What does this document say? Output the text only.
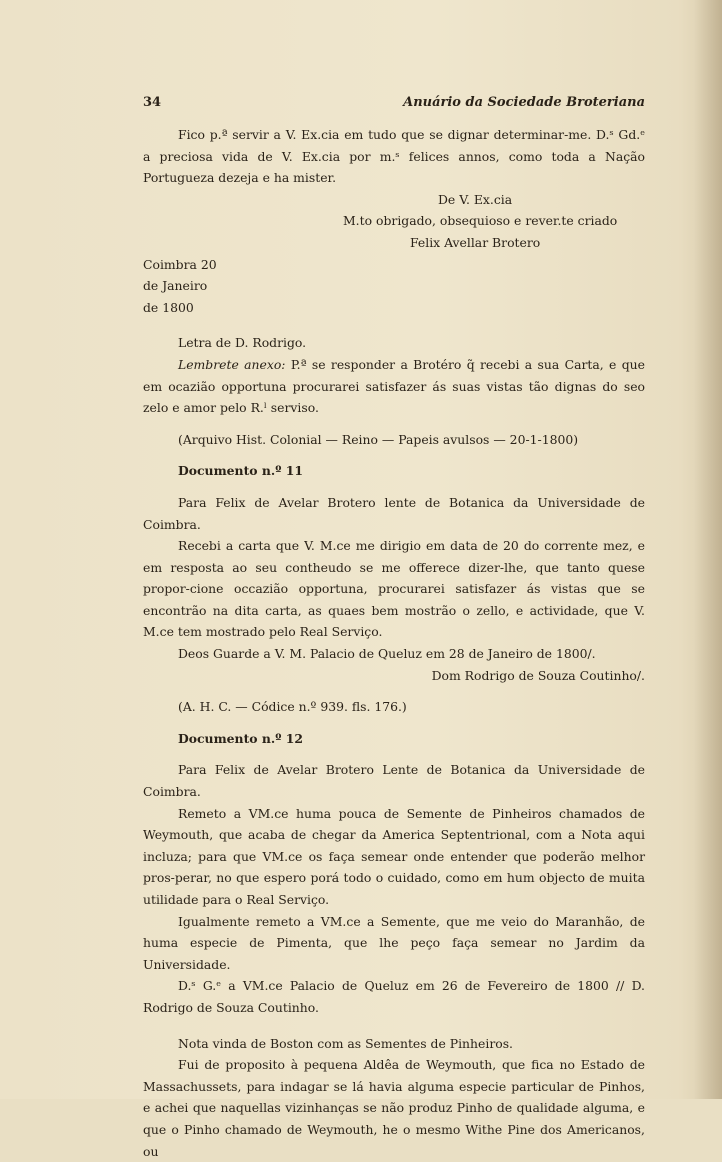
34	Anuário da Sociedade Broteriana

Fico p.ª servir a V. Ex.cia em tudo que se dignar determinar-me. D.ˢ Gd.ᵉ a preciosa vida de V. Ex.cia por m.ˢ felices annos, como toda a Nação Portugueza dezeja e ha mister.

De V. Ex.cia
M.to obrigado, obsequioso e rever.te criado
Felix Avellar Brotero
Coimbra 20
de Janeiro
de 1800

Letra de D. Rodrigo.

Lembrete anexo: P.ª se responder a Brotéro q̃ recebi a sua Carta, e que em ocazião opportuna procurarei satisfazer ás suas vistas tão dignas do seo zelo e amor pelo R.ˡ serviso.

(Arquivo Hist. Colonial — Reino — Papeis avulsos — 20-1-1800)
Documento n.º 11

Para Felix de Avelar Brotero lente de Botanica da Universidade de Coimbra.

Recebi a carta que V. M.ce me dirigio em data de 20 do corrente mez, e em resposta ao seu contheudo se me offerece dizer-lhe, que tanto quese propor-cione occazião opportuna, procurarei satisfazer ás vistas que se encontrão na dita carta, as quaes bem mostrão o zello, e actividade, que V. M.ce tem mostrado pelo Real Serviço.

Deos Guarde a V. M. Palacio de Queluz em 28 de Janeiro de 1800/.

Dom Rodrigo de Souza Coutinho/.
(A. H. C. — Códice n.º 939. fls. 176.)
Documento n.º 12

Para Felix de Avelar Brotero Lente de Botanica da Universidade de Coimbra.

Remeto a VM.ce huma pouca de Semente de Pinheiros chamados de Weymouth, que acaba de chegar da America Septentrional, com a Nota aqui incluza; para que VM.ce os faça semear onde entender que poderão melhor pros-perar, no que espero porá todo o cuidado, como em hum objecto de muita utilidade para o Real Serviço.

Igualmente remeto a VM.ce a Semente, que me veio do Maranhão, de huma especie de Pimenta, que lhe peço faça semear no Jardim da Universidade.

D.ˢ G.ᵉ a VM.ce Palacio de Queluz em 26 de Fevereiro de 1800 // D. Rodrigo de Souza Coutinho.

Nota vinda de Boston com as Sementes de Pinheiros.

Fui de proposito à pequena Aldêa de Weymouth, que fica no Estado de Massachussets, para indagar se lá havia alguma especie particular de Pinhos, e achei que naquellas vizinhanças se não produz Pinho de qualidade alguma, e que o Pinho chamado de Weymouth, he o mesmo Withe Pine dos Americanos, ou
